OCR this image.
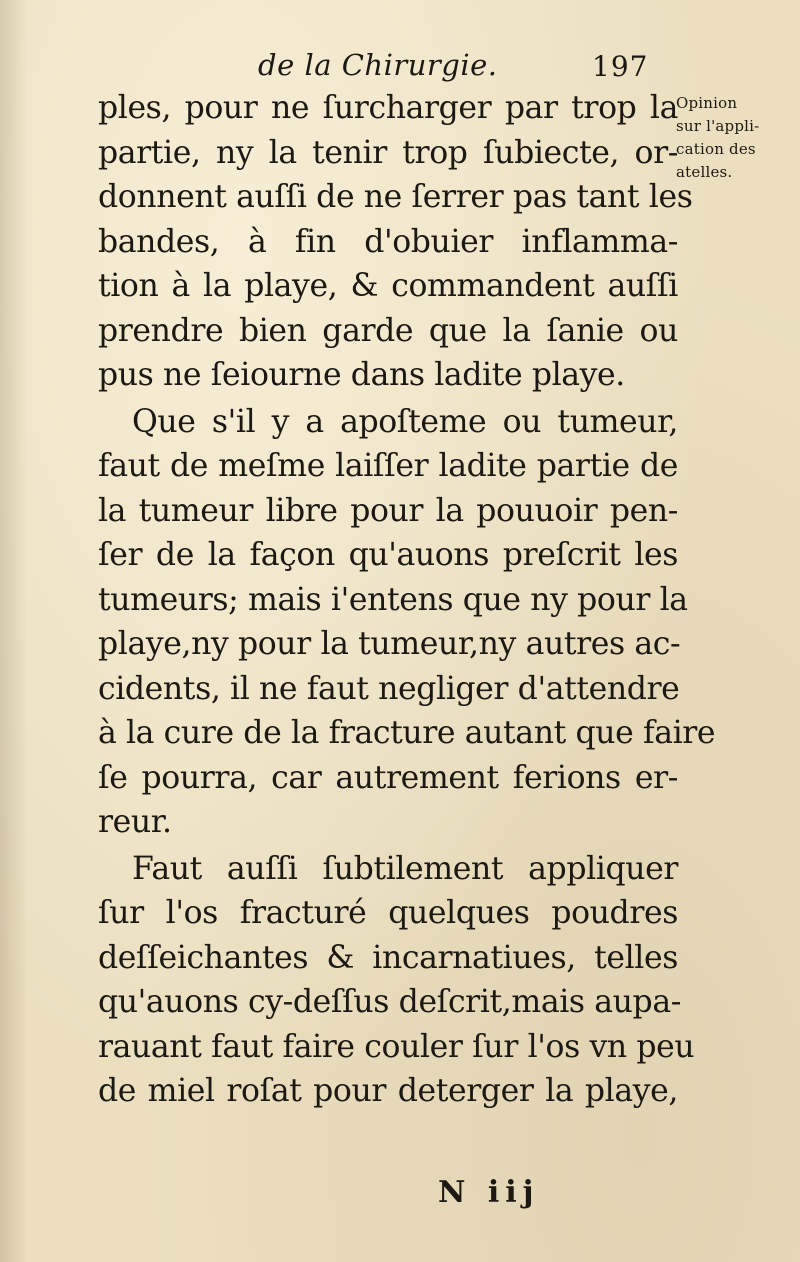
de la Chirurgie.	197
Opinion
sur l'appli-
cation des
atelles.
ples, pour ne ſurcharger par trop la
partie, ny la tenir trop ſubiecte, or-
donnent auſſi de ne ſerrer pas tant les
bandes, à fin d'obuier inflamma-
tion à la playe, & commandent auſſi
prendre bien garde que la ſanie ou
pus ne ſeiourne dans ladite playe.
Que s'il y a apoſteme ou tumeur,
faut de meſme laiſſer ladite partie de
la tumeur libre pour la pouuoir pen-
ſer de la façon qu'auons preſcrit les
tumeurs; mais i'entens que ny pour la
playe,ny pour la tumeur,ny autres ac-
cidents, il ne faut negliger d'attendre
à la cure de la fracture autant que faire
ſe pourra, car autrement ferions er-
reur.
Faut auſſi ſubtilement appliquer
ſur l'os fracturé quelques poudres
deſſeichantes & incarnatiues, telles
qu'auons cy-deſſus deſcrit,mais aupa-
rauant faut faire couler ſur l'os vn peu
de miel roſat pour deterger la playe,
N iij
